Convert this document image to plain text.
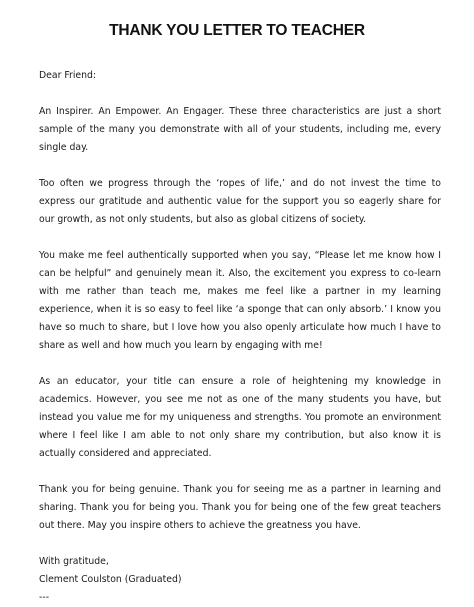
THANK YOU LETTER TO TEACHER

Dear Friend:

An Inspirer. An Empower. An Engager. These three characteristics are just a short sample of the many you demonstrate with all of your students, including me, every single day.

Too often we progress through the ‘ropes of life,’ and do not invest the time to express our gratitude and authentic value for the support you so eagerly share for our growth, as not only students, but also as global citizens of society.

You make me feel authentically supported when you say, “Please let me know how I can be helpful” and genuinely mean it. Also, the excitement you express to co-learn with me rather than teach me, makes me feel like a partner in my learning experience, when it is so easy to feel like ‘a sponge that can only absorb.’ I know you have so much to share, but I love how you also openly articulate how much I have to share as well and how much you learn by engaging with me!

As an educator, your title can ensure a role of heightening my knowledge in academics. However, you see me not as one of the many students you have, but instead you value me for my uniqueness and strengths. You promote an environment where I feel like I am able to not only share my contribution, but also know it is actually considered and appreciated.

Thank you for being genuine. Thank you for seeing me as a partner in learning and sharing. Thank you for being you. Thank you for being one of the few great teachers out there. May you inspire others to achieve the greatness you have.

With gratitude,

Clement Coulston (Graduated)

---
